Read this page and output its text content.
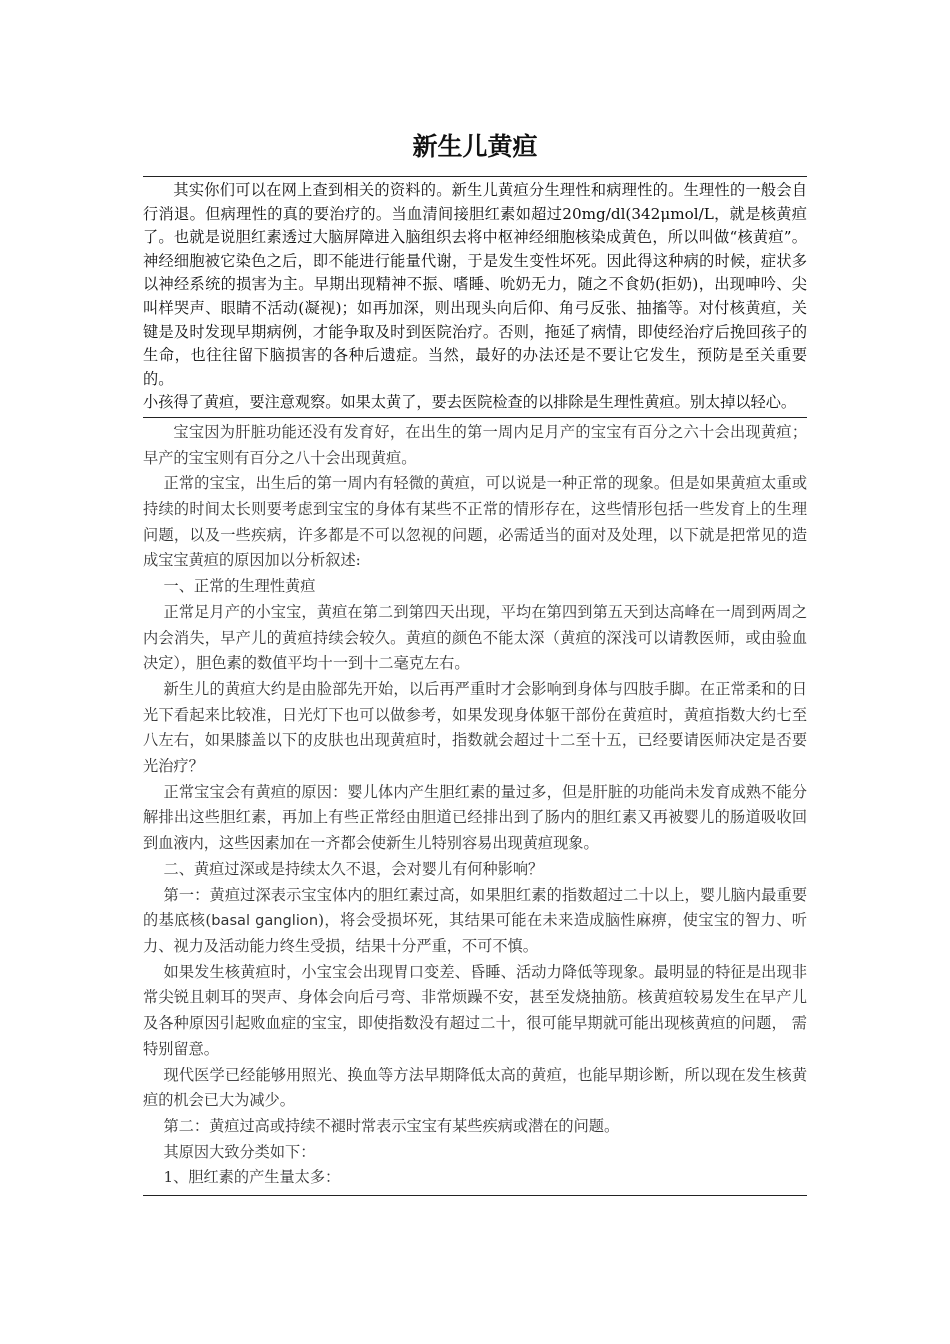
新生儿黄疸

其实你们可以在网上查到相关的资料的。新生儿黄疸分生理性和病理性的。生理性的一般会自行消退。但病理性的真的要治疗的。当血清间接胆红素如超过20mg/dl(342μmol/L，就是核黄疸了。也就是说胆红素透过大脑屏障进入脑组织去将中枢神经细胞核染成黄色，所以叫做“核黄疸”。神经细胞被它染色之后，即不能进行能量代谢，于是发生变性坏死。因此得这种病的时候，症状多以神经系统的损害为主。早期出现精神不振、嗜睡、吮奶无力，随之不食奶(拒奶)，出现呻吟、尖叫样哭声、眼睛不活动(凝视)；如再加深，则出现头向后仰、角弓反张、抽搐等。对付核黄疸，关键是及时发现早期病例，才能争取及时到医院治疗。否则，拖延了病情，即使经治疗后挽回孩子的生命，也往往留下脑损害的各种后遗症。当然，最好的办法还是不要让它发生，预防是至关重要的。

小孩得了黄疸，要注意观察。如果太黄了，要去医院检查的以排除是生理性黄疸。别太掉以轻心。

宝宝因为肝脏功能还没有发育好，在出生的第一周内足月产的宝宝有百分之六十会出现黄疸；早产的宝宝则有百分之八十会出现黄疸。

正常的宝宝，出生后的第一周内有轻微的黄疸，可以说是一种正常的现象。但是如果黄疸太重或持续的时间太长则要考虑到宝宝的身体有某些不正常的情形存在，这些情形包括一些发育上的生理问题，以及一些疾病，许多都是不可以忽视的问题，必需适当的面对及处理，以下就是把常见的造成宝宝黄疸的原因加以分析叙述:

一、正常的生理性黄疸

正常足月产的小宝宝，黄疸在第二到第四天出现，平均在第四到第五天到达高峰在一周到两周之内会消失，早产儿的黄疸持续会较久。黄疸的颜色不能太深（黄疸的深浅可以请教医师，或由验血决定），胆色素的数值平均十一到十二毫克左右。

新生儿的黄疸大约是由脸部先开始，以后再严重时才会影响到身体与四肢手脚。在正常柔和的日光下看起来比较准，日光灯下也可以做参考，如果发现身体躯干部份在黄疸时，黄疸指数大约七至八左右，如果膝盖以下的皮肤也出现黄疸时，指数就会超过十二至十五，已经要请医师决定是否要光治疗？

正常宝宝会有黄疸的原因：婴儿体内产生胆红素的量过多，但是肝脏的功能尚未发育成熟不能分解排出这些胆红素，再加上有些正常经由胆道已经排出到了肠内的胆红素又再被婴儿的肠道吸收回到血液内，这些因素加在一齐都会使新生儿特别容易出现黄疸现象。

二、黄疸过深或是持续太久不退，会对婴儿有何种影响？

第一：黄疸过深表示宝宝体内的胆红素过高，如果胆红素的指数超过二十以上，婴儿脑内最重要的基底核(basal ganglion)，将会受损坏死，其结果可能在未来造成脑性麻痹，使宝宝的智力、听力、视力及活动能力终生受损，结果十分严重，不可不慎。

如果发生核黄疸时，小宝宝会出现胃口变差、昏睡、活动力降低等现象。最明显的特征是出现非常尖锐且刺耳的哭声、身体会向后弓弯、非常烦躁不安，甚至发烧抽筋。核黄疸较易发生在早产儿及各种原因引起败血症的宝宝，即使指数没有超过二十，很可能早期就可能出现核黄疸的问题， 需特别留意。

现代医学已经能够用照光、换血等方法早期降低太高的黄疸，也能早期诊断，所以现在发生核黄疸的机会已大为减少。

第二：黄疸过高或持续不褪时常表示宝宝有某些疾病或潜在的问题。

其原因大致分类如下：

1、胆红素的产生量太多：
